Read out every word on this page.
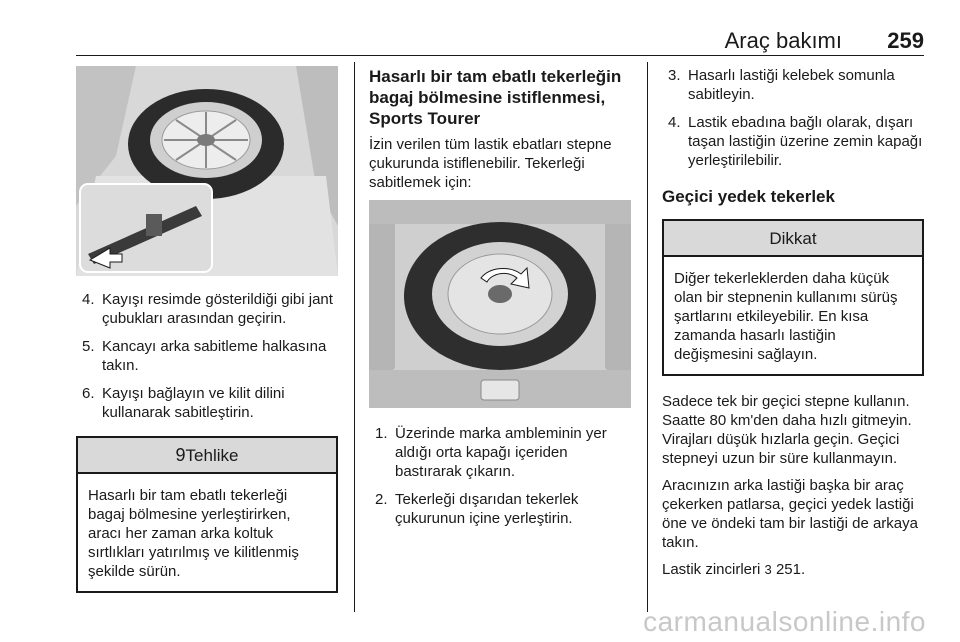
Araç bakımı 259
4. Kayışı resimde gösterildiği gibi jant çubukları arasından geçirin.
5. Kancayı arka sabitleme halkasına takın.
6. Kayışı bağlayın ve kilit dilini kullanarak sabitleştirin.
9Tehlike
Hasarlı bir tam ebatlı tekerleği bagaj bölmesine yerleştirirken, aracı her zaman arka koltuk sırtlıkları yatırılmış ve kilitlenmiş şekilde sürün.
Hasarlı bir tam ebatlı tekerleğin bagaj bölmesine istiflenmesi, Sports Tourer

İzin verilen tüm lastik ebatları stepne çukurunda istiflenebilir. Tekerleği sabitlemek için:

1. Üzerinde marka ambleminin yer aldığı orta kapağı içeriden bastırarak çıkarın.
2. Tekerleği dışarıdan tekerlek çukurunun içine yerleştirin.
3. Hasarlı lastiği kelebek somunla sabitleyin.
4. Lastik ebadına bağlı olarak, dışarı taşan lastiğin üzerine zemin kapağı yerleştirilebilir.
Geçici yedek tekerlek
Dikkat
Diğer tekerleklerden daha küçük olan bir stepnenin kullanımı sürüş şartlarını etkileyebilir. En kısa zamanda hasarlı lastiğin değişmesini sağlayın.

Sadece tek bir geçici stepne kullanın. Saatte 80 km'den daha hızlı gitmeyin. Virajları düşük hızlarla geçin. Geçici stepneyi uzun bir süre kullanmayın.

Aracınızın arka lastiği başka bir araç çekerken patlarsa, geçici yedek lastiği öne ve öndeki tam bir lastiği de arkaya takın.

Lastik zincirleri 3 251.

carmanualsonline.info
